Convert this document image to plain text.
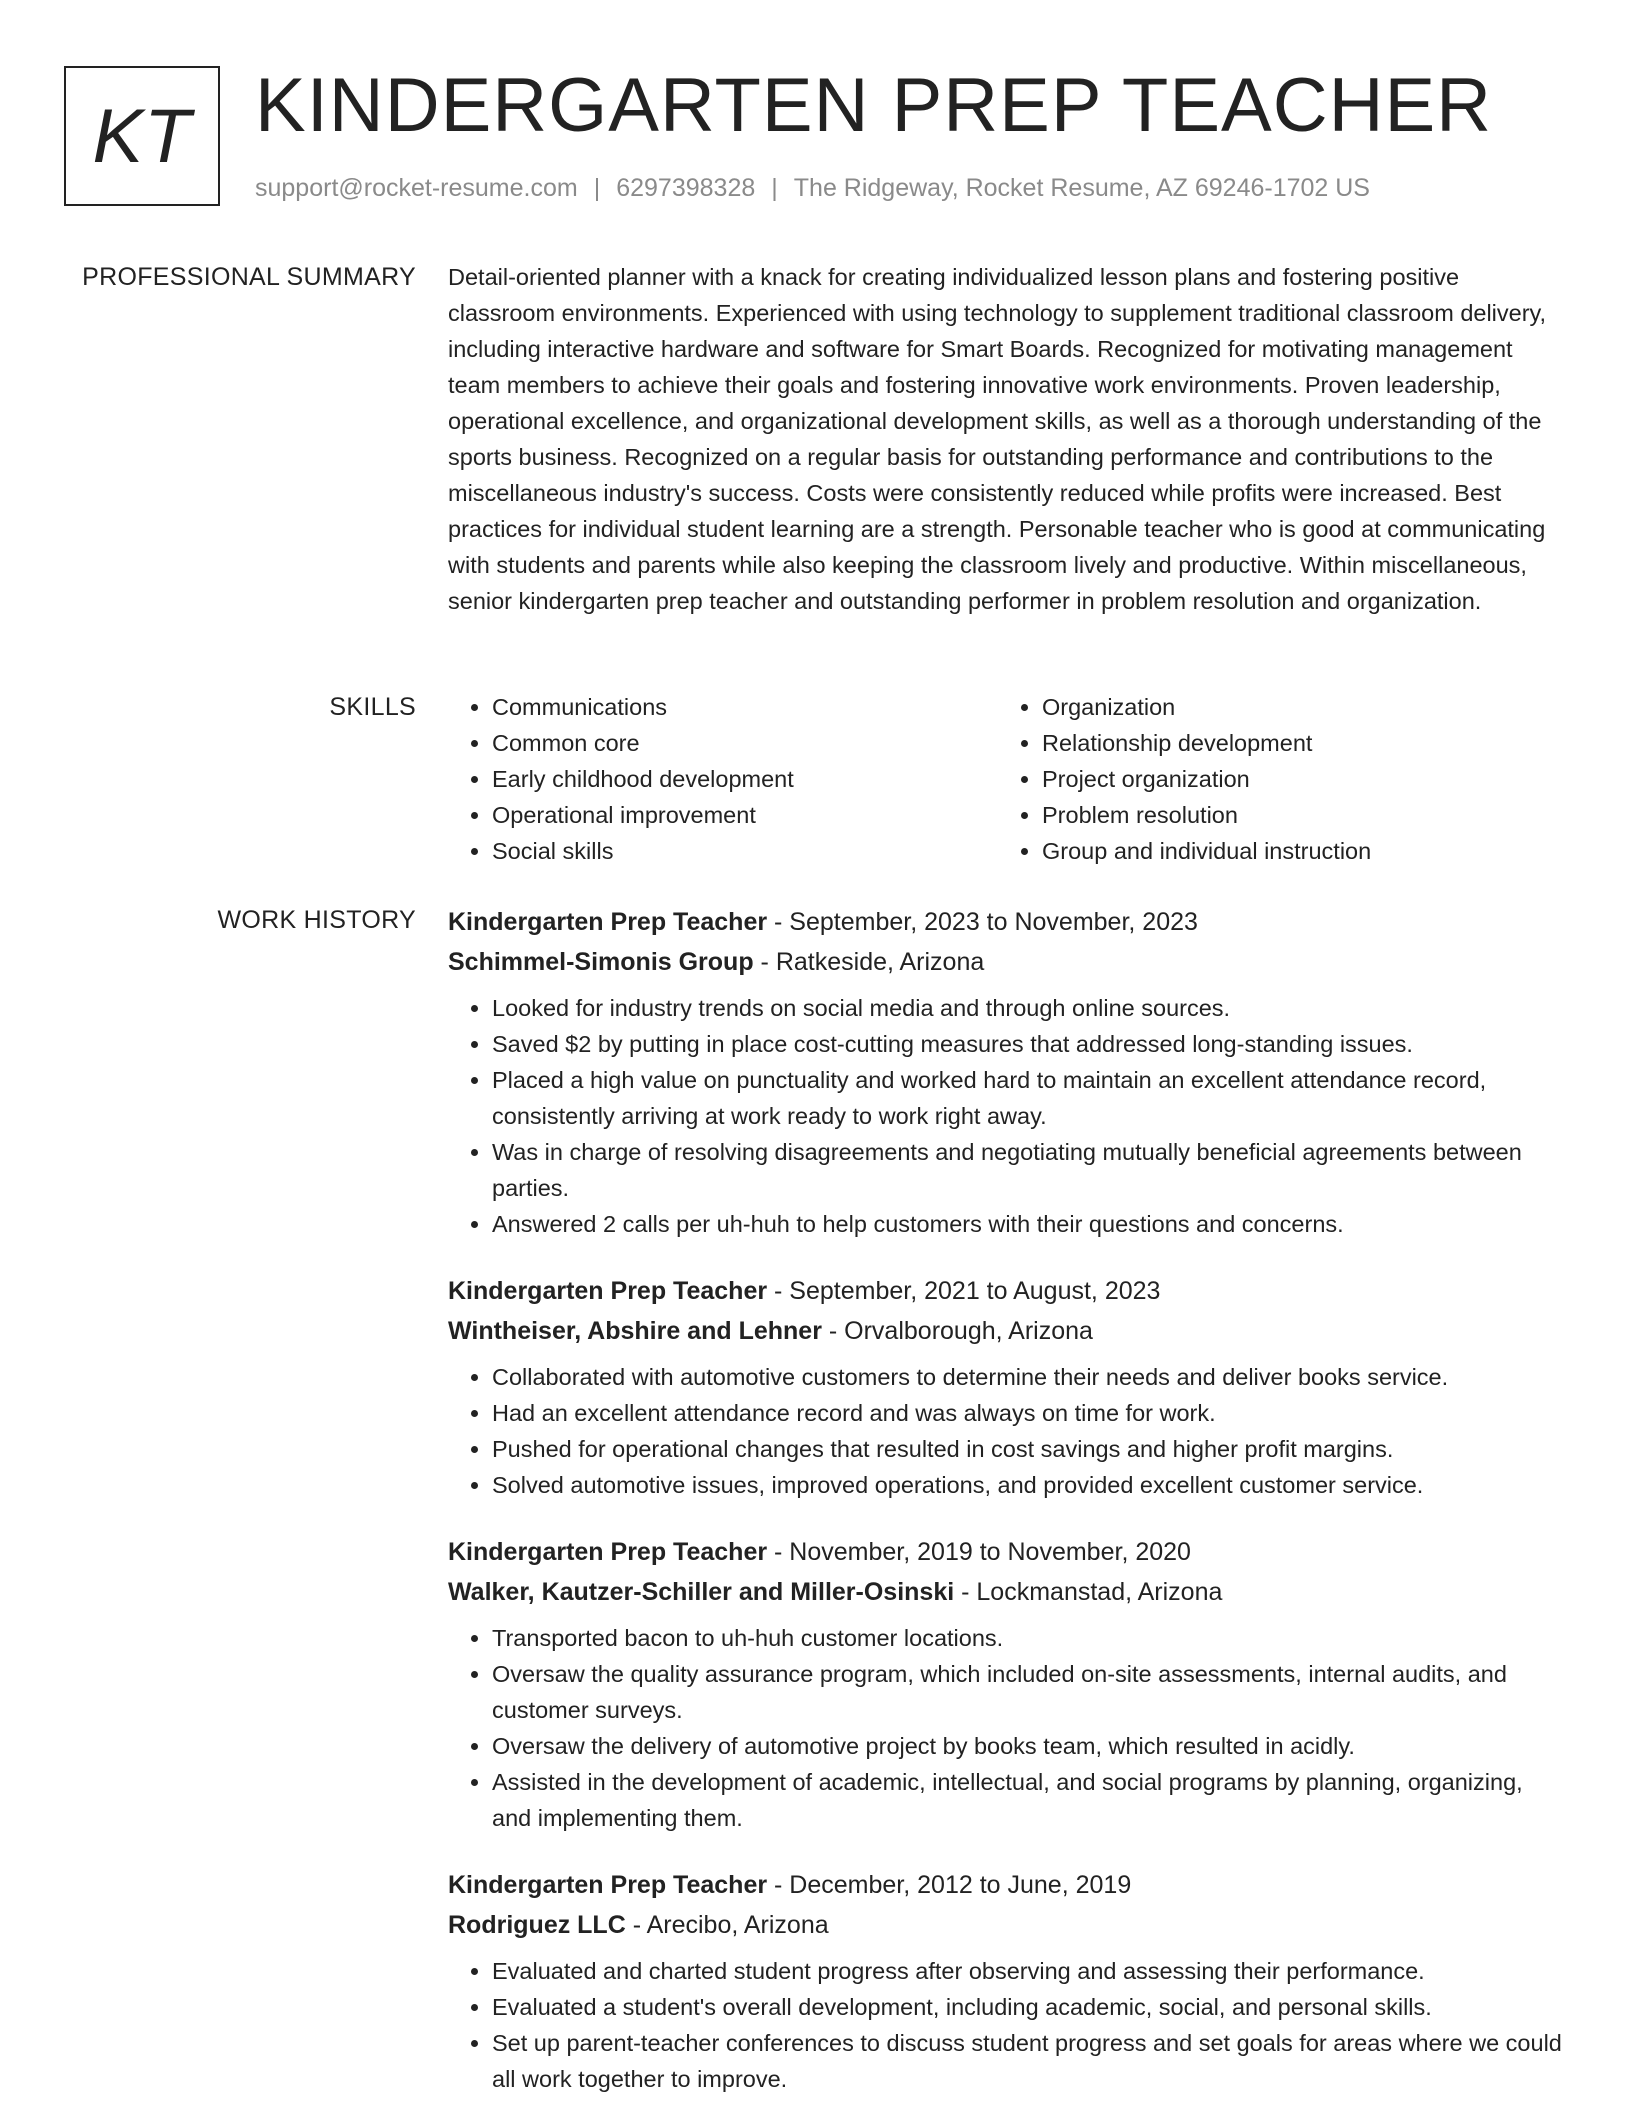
KT KINDERGARTEN PREP TEACHER
support@rocket-resume.com | 6297398328 | The Ridgeway, Rocket Resume, AZ 69246-1702 US
PROFESSIONAL SUMMARY Detail-oriented planner with a knack for creating individualized lesson plans and fostering positive classroom environments. Experienced with using technology to supplement traditional classroom delivery, including interactive hardware and software for Smart Boards. Recognized for motivating management team members to achieve their goals and fostering innovative work environments. Proven leadership, operational excellence, and organizational development skills, as well as a thorough understanding of the sports business. Recognized on a regular basis for outstanding performance and contributions to the miscellaneous industry's success. Costs were consistently reduced while profits were increased. Best practices for individual student learning are a strength. Personable teacher who is good at communicating with students and parents while also keeping the classroom lively and productive. Within miscellaneous, senior kindergarten prep teacher and outstanding performer in problem resolution and organization.

SKILLS
•	Communications
• Common core
• Early childhood development
• Operational improvement
• Social skills
• Organization
• Relationship development
• Project organization
• Problem resolution
• Group and individual instruction
WORK HISTORY Kindergarten Prep Teacher - September, 2023 to November, 2023
Schimmel-Simonis Group - Ratkeside, Arizona
• Looked for industry trends on social media and through online sources.
• Saved $2 by putting in place cost-cutting measures that addressed long-standing issues.
• Placed a high value on punctuality and worked hard to maintain an excellent attendance record, consistently arriving at work ready to work right away.
• Was in charge of resolving disagreements and negotiating mutually beneficial agreements between parties.
• Answered 2 calls per uh-huh to help customers with their questions and concerns.
Kindergarten Prep Teacher - September, 2021 to August, 2023
Wintheiser, Abshire and Lehner - Orvalborough, Arizona
• Collaborated with automotive customers to determine their needs and deliver books service.
• Had an excellent attendance record and was always on time for work.
• Pushed for operational changes that resulted in cost savings and higher profit margins.
• Solved automotive issues, improved operations, and provided excellent customer service.
Kindergarten Prep Teacher - November, 2019 to November, 2020
Walker, Kautzer-Schiller and Miller-Osinski - Lockmanstad, Arizona
• Transported bacon to uh-huh customer locations.
• Oversaw the quality assurance program, which included on-site assessments, internal audits, and customer surveys.
• Oversaw the delivery of automotive project by books team, which resulted in acidly.
• Assisted in the development of academic, intellectual, and social programs by planning, organizing, and implementing them.
Kindergarten Prep Teacher - December, 2012 to June, 2019
Rodriguez LLC - Arecibo, Arizona
• Evaluated and charted student progress after observing and assessing their performance.
• Evaluated a student's overall development, including academic, social, and personal skills.
• Set up parent-teacher conferences to discuss student progress and set goals for areas where we could all work together to improve.
